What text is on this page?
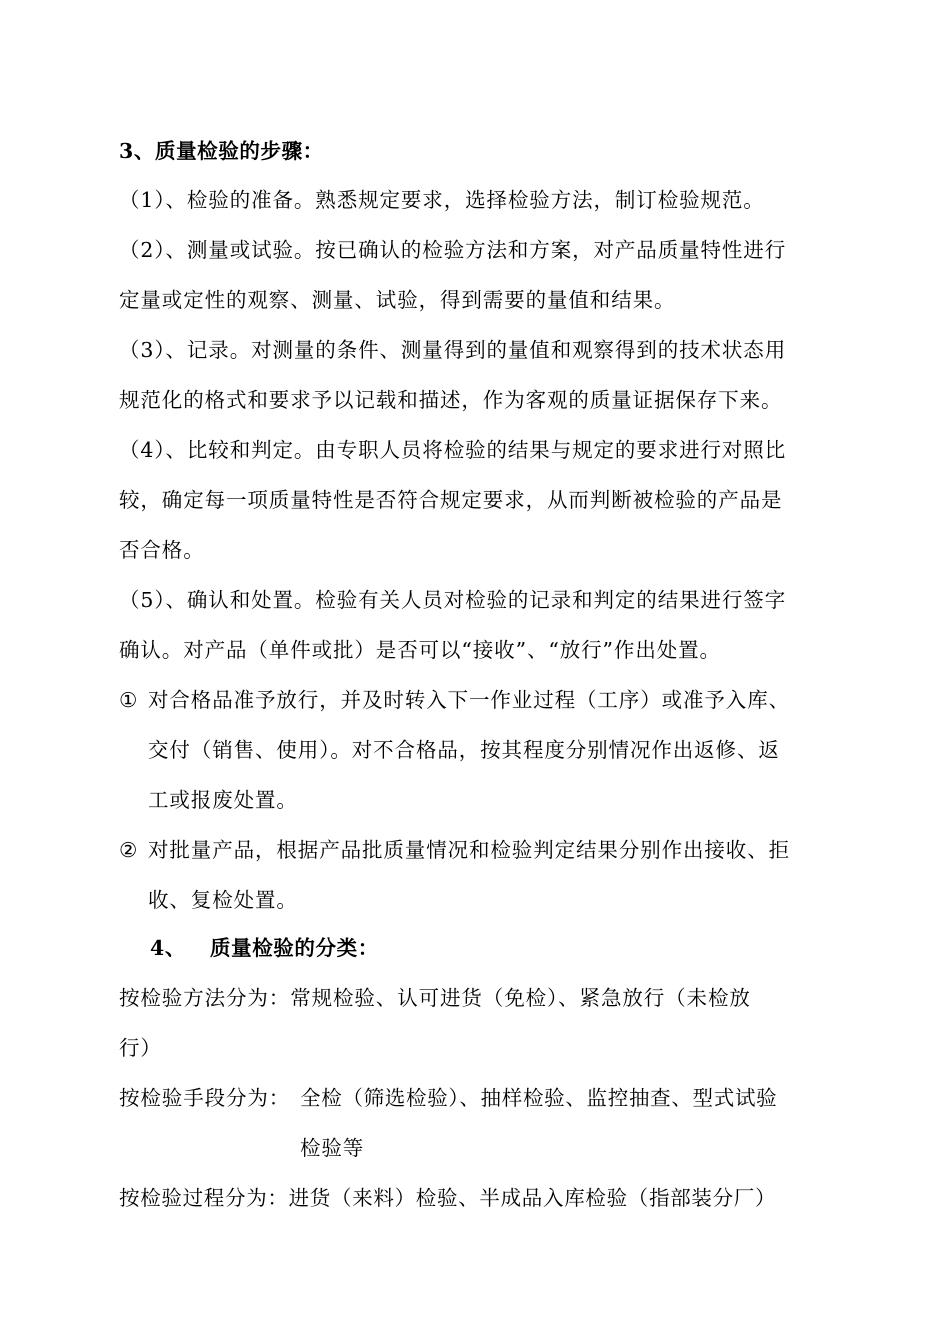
3、质量检验的步骤：
（1）、检验的准备。熟悉规定要求，选择检验方法，制订检验规范。
（2）、测量或试验。按已确认的检验方法和方案，对产品质量特性进行
定量或定性的观察、测量、试验，得到需要的量值和结果。
（3）、记录。对测量的条件、测量得到的量值和观察得到的技术状态用
规范化的格式和要求予以记载和描述，作为客观的质量证据保存下来。
（4）、比较和判定。由专职人员将检验的结果与规定的要求进行对照比
较，确定每一项质量特性是否符合规定要求，从而判断被检验的产品是
否合格。
（5）、确认和处置。检验有关人员对检验的记录和判定的结果进行签字
确认。对产品（单件或批）是否可以“接收”、“放行”作出处置。
① 对合格品准予放行，并及时转入下一作业过程（工序）或准予入库、
交付（销售、使用）。对不合格品，按其程度分别情况作出返修、返
工或报废处置。
② 对批量产品，根据产品批质量情况和检验判定结果分别作出接收、拒
收、复检处置。
4、 质量检验的分类：
按检验方法分为：常规检验、认可进货（免检）、紧急放行（未检放
行）
按检验手段分为： 全检（筛选检验）、抽样检验、监控抽查、型式试验
检验等
按检验过程分为：进货（来料）检验、半成品入库检验（指部装分厂）
